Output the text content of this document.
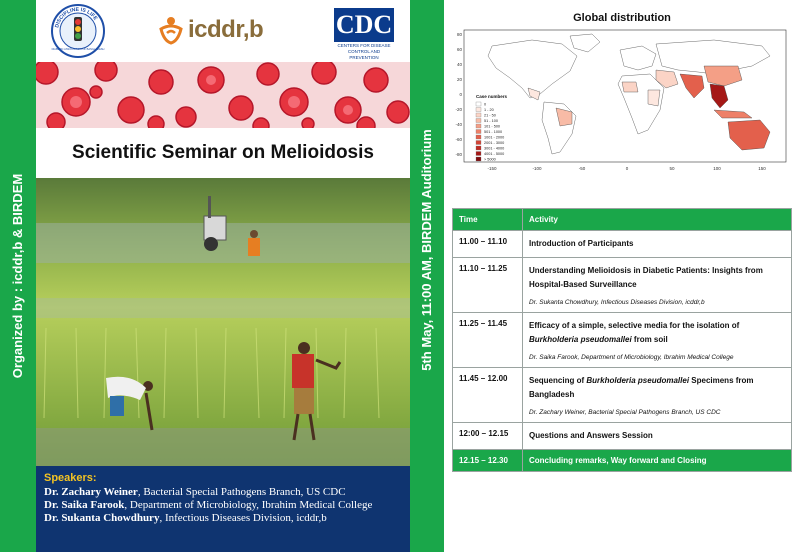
Organized by : icddr,b & BIRDEM
DISCIPLINE IS LIFE
DIABETIC ASSOCIATION OF BANGLADESH
icddr,b	CDC
CENTERS FOR DISEASE CONTROL AND PREVENTION
Scientific Seminar on Melioidosis
Speakers:
Dr. Zachary Weiner, Bacterial Special Pathogens Branch, US CDC
Dr. Saika Farook, Department of Microbiology, Ibrahim Medical College
Dr. Sukanta Chowdhury, Infectious Diseases Division, icddr,b
5th May, 11:00 AM, BIRDEM Auditorium
Global distribution
-150	-100	-50	0	50	100	150
80
60
40
20
0
-20
-40
-60
-80
Case numbers
0
1 - 20
21 - 50
51 - 100
101 - 500
501 - 1000
1001 - 2000
2001 - 3000
3001 - 4000
4001 - 5000
> 5000
Time	Activity
11.00 – 11.10	Introduction of Participants

11.10 – 11.25	Understanding Melioidosis in Diabetic Patients: Insights from Hospital-Based Surveillance
Dr. Sukanta Chowdhury, Infectious Diseases Division, icddr,b

11.25 – 11.45	Efficacy of a simple, selective media for the isolation of Burkholderia pseudomallei from soil
Dr. Saika Farook, Department of Microbiology, Ibrahim Medical College

11.45 – 12.00	Sequencing of Burkholderia pseudomallei Specimens from Bangladesh
Dr. Zachary Weiner, Bacterial Special Pathogens Branch, US CDC

12:00 – 12.15	Questions and Answers Session

12.15 – 12.30	Concluding remarks, Way forward and Closing
